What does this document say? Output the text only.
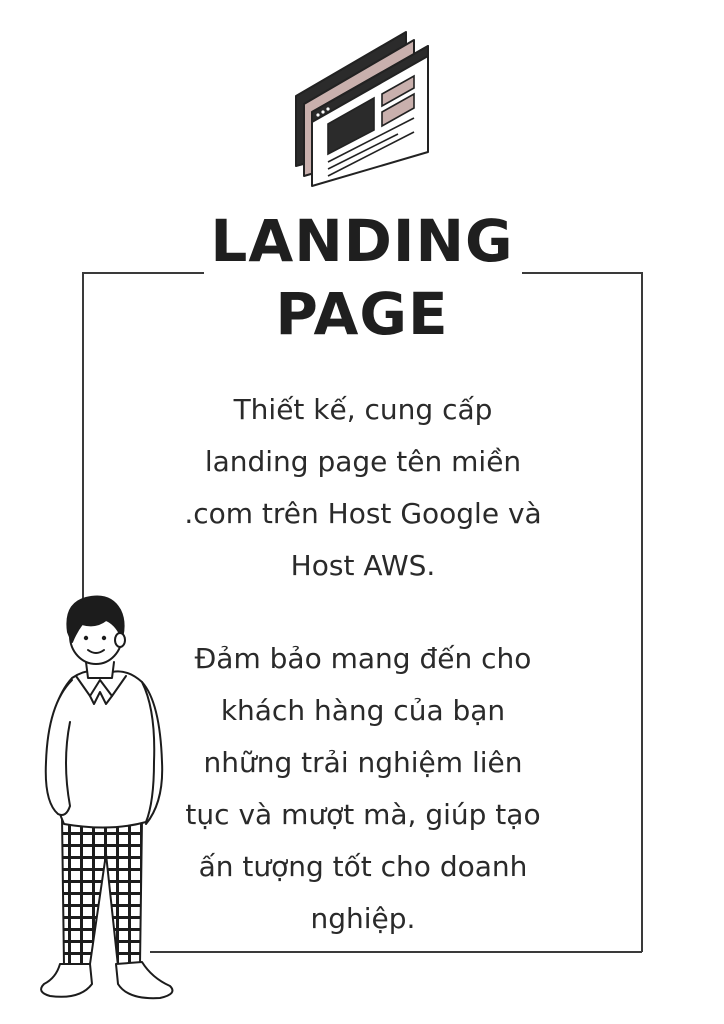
LANDING
PAGE

Thiết kế, cung cấp
landing page tên miền
.com trên Host Google và
Host AWS.

Đảm bảo mang đến cho
khách hàng của bạn
những trải nghiệm liên
tục và mượt mà, giúp tạo
ấn tượng tốt cho doanh
nghiệp.
